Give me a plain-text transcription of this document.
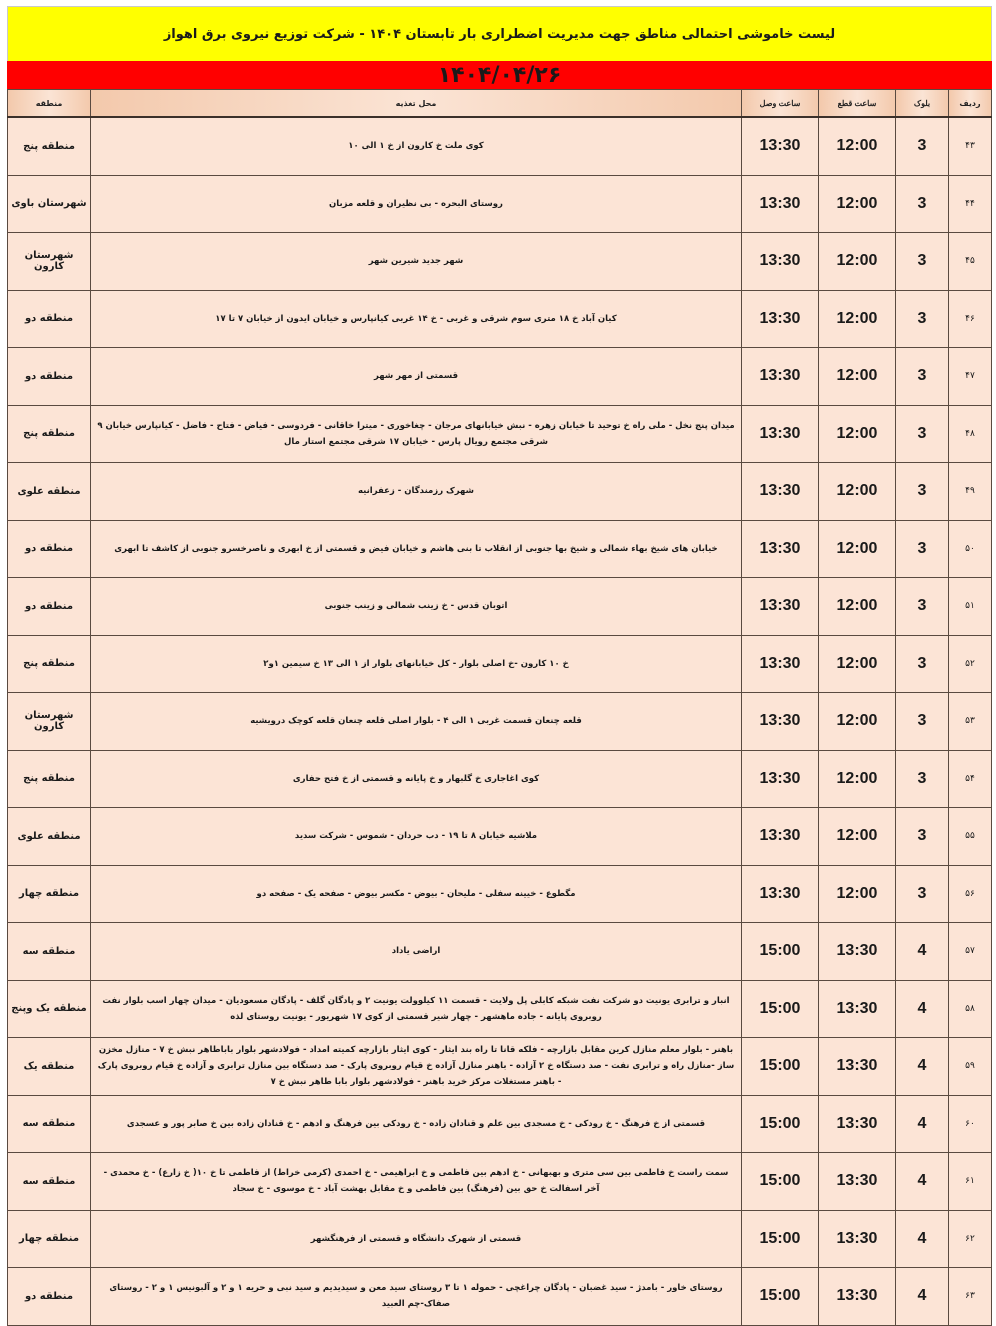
لیست خاموشی احتمالی مناطق جهت مدیریت اضطراری بار تابستان ۱۴۰۴ - شرکت توزیع نیروی برق اهواز
۱۴۰۴/۰۴/۲۶
ردیف	بلوک	ساعت قطع	ساعت وصل	محل تغذیه	منطقه
۴۳	3	12:00	13:30	کوی ملت خ کارون از خ ۱ الی ۱۰	منطقه پنج
۴۴	3	12:00	13:30	روستای البحره - بی نظیران و قلعه مزبان	شهرستان باوی
۴۵	3	12:00	13:30	شهر جدید شیرین شهر	شهرستان کارون
۴۶	3	12:00	13:30	کیان آباد خ ۱۸ متری سوم شرقی و غربی - خ ۱۴ غربی کیانپارس و خیابان ایدون از خیابان ۷ تا ۱۷	منطقه دو
۴۷	3	12:00	13:30	قسمتی از مهر شهر	منطقه دو
۴۸	3	12:00	13:30	میدان پنج نخل - ملی راه خ توحید تا خیابان زهره - نبش خیابانهای مرجان - چغاخوری - میترا خاقانی - فردوسی - فیاض - فتاح - فاضل - کیانپارس خیابان ۹ شرقی مجتمع رویال پارس - خیابان ۱۷ شرقی مجتمع استار مال	منطقه پنج
۴۹	3	12:00	13:30	شهرک رزمندگان - زعفرانیه	منطقه علوی
۵۰	3	12:00	13:30	خیابان های شیخ بهاء شمالی و شیخ بها جنوبی از انقلاب تا بنی هاشم و خیابان فیض و قسمتی از خ ابهری و ناصرخسرو جنوبی از کاشف تا ابهری	منطقه دو
۵۱	3	12:00	13:30	اتوبان قدس - خ زینب شمالی و زینب جنوبی	منطقه دو
۵۲	3	12:00	13:30	خ ۱۰ کارون -خ اصلی بلوار - کل خیابانهای بلوار از ۱ الی ۱۳ خ سیمین ۱و۲	منطقه پنج
۵۳	3	12:00	13:30	قلعه چنعان قسمت غربی ۱ الی ۴ - بلوار اصلی قلعه چنعان قلعه کوچک درویشیه	شهرستان کارون
۵۴	3	12:00	13:30	کوی اغاجاری خ گلبهار و خ پایانه و قسمتی از خ فتح حفاری	منطقه پنج
۵۵	3	12:00	13:30	ملاشیه خیابان ۸ تا ۱۹ - دب حردان - شموس - شرکت سدید	منطقه علوی
۵۶	3	12:00	13:30	مگطوع - خیینه سفلی - ملیحان - بیوض - مکسر بیوض - صفحه یک - صفحه دو	منطقه چهار
۵۷	4	13:30	15:00	اراضی یاداد	منطقه سه
۵۸	4	13:30	15:00	انبار و ترابری یونیت دو شرکت نفت شبکه کابلی پل ولایت - قسمت ۱۱ کیلوولت یونیت ۲ و پادگان گلف - پادگان مسعودیان - میدان چهار اسب بلوار نفت روبروی پایانه - جاده ماهشهر - چهار شیر قسمتی از کوی ۱۷ شهریور - یونیت روستای لذه	منطقه یک وپنج
۵۹	4	13:30	15:00	باهنر - بلوار معلم منازل کرین مقابل بازارچه - فلکه قانا تا راه بند ایثار - کوی ایثار بازارچه کمیته امداد - فولادشهر بلوار باباطاهر نبش خ ۷ - منازل مخزن ساز -منازل راه و ترابری نفت - صد دستگاه خ ۲ آزاده - باهنر منازل آزاده خ قیام روبروی پارک - صد دستگاه بین منازل ترابری و آزاده خ قیام روبروی پارک - باهنر مستغلات مرکز خرید باهنر - فولادشهر بلوار بابا طاهر نبش خ ۷	منطقه یک
۶۰	4	13:30	15:00	قسمتی از خ فرهنگ - خ رودکی - خ مسجدی بین علم و قنادان زاده - خ رودکی بین فرهنگ و ادهم - خ قنادان زاده بین خ صابر پور و عسجدی	منطقه سه
۶۱	4	13:30	15:00	سمت راست خ فاطمی بین سی متری و بهبهانی - خ ادهم بین فاطمی و خ ابراهیمی - خ احمدی (کرمی خراط) از فاطمی تا خ ۱۰( خ زارع) - خ محمدی - آخر اسفالت خ حق بین (فرهنگ) بین فاطمی و خ مقابل بهشت آباد - خ موسوی - خ سجاد	منطقه سه
۶۲	4	13:30	15:00	قسمتی از شهرک دانشگاه و قسمتی از فرهنگشهر	منطقه چهار
۶۳	4	13:30	15:00	روستای خاور - بامدژ - سید غضبان - پادگان چراغچی - حموله ۱ تا ۳ روستای سید معن و سیدیدیم و سید نبی و حریه ۱ و ۲ و آلبونیس ۱ و ۲ - روستای صفاک-چم العبید	منطقه دو
